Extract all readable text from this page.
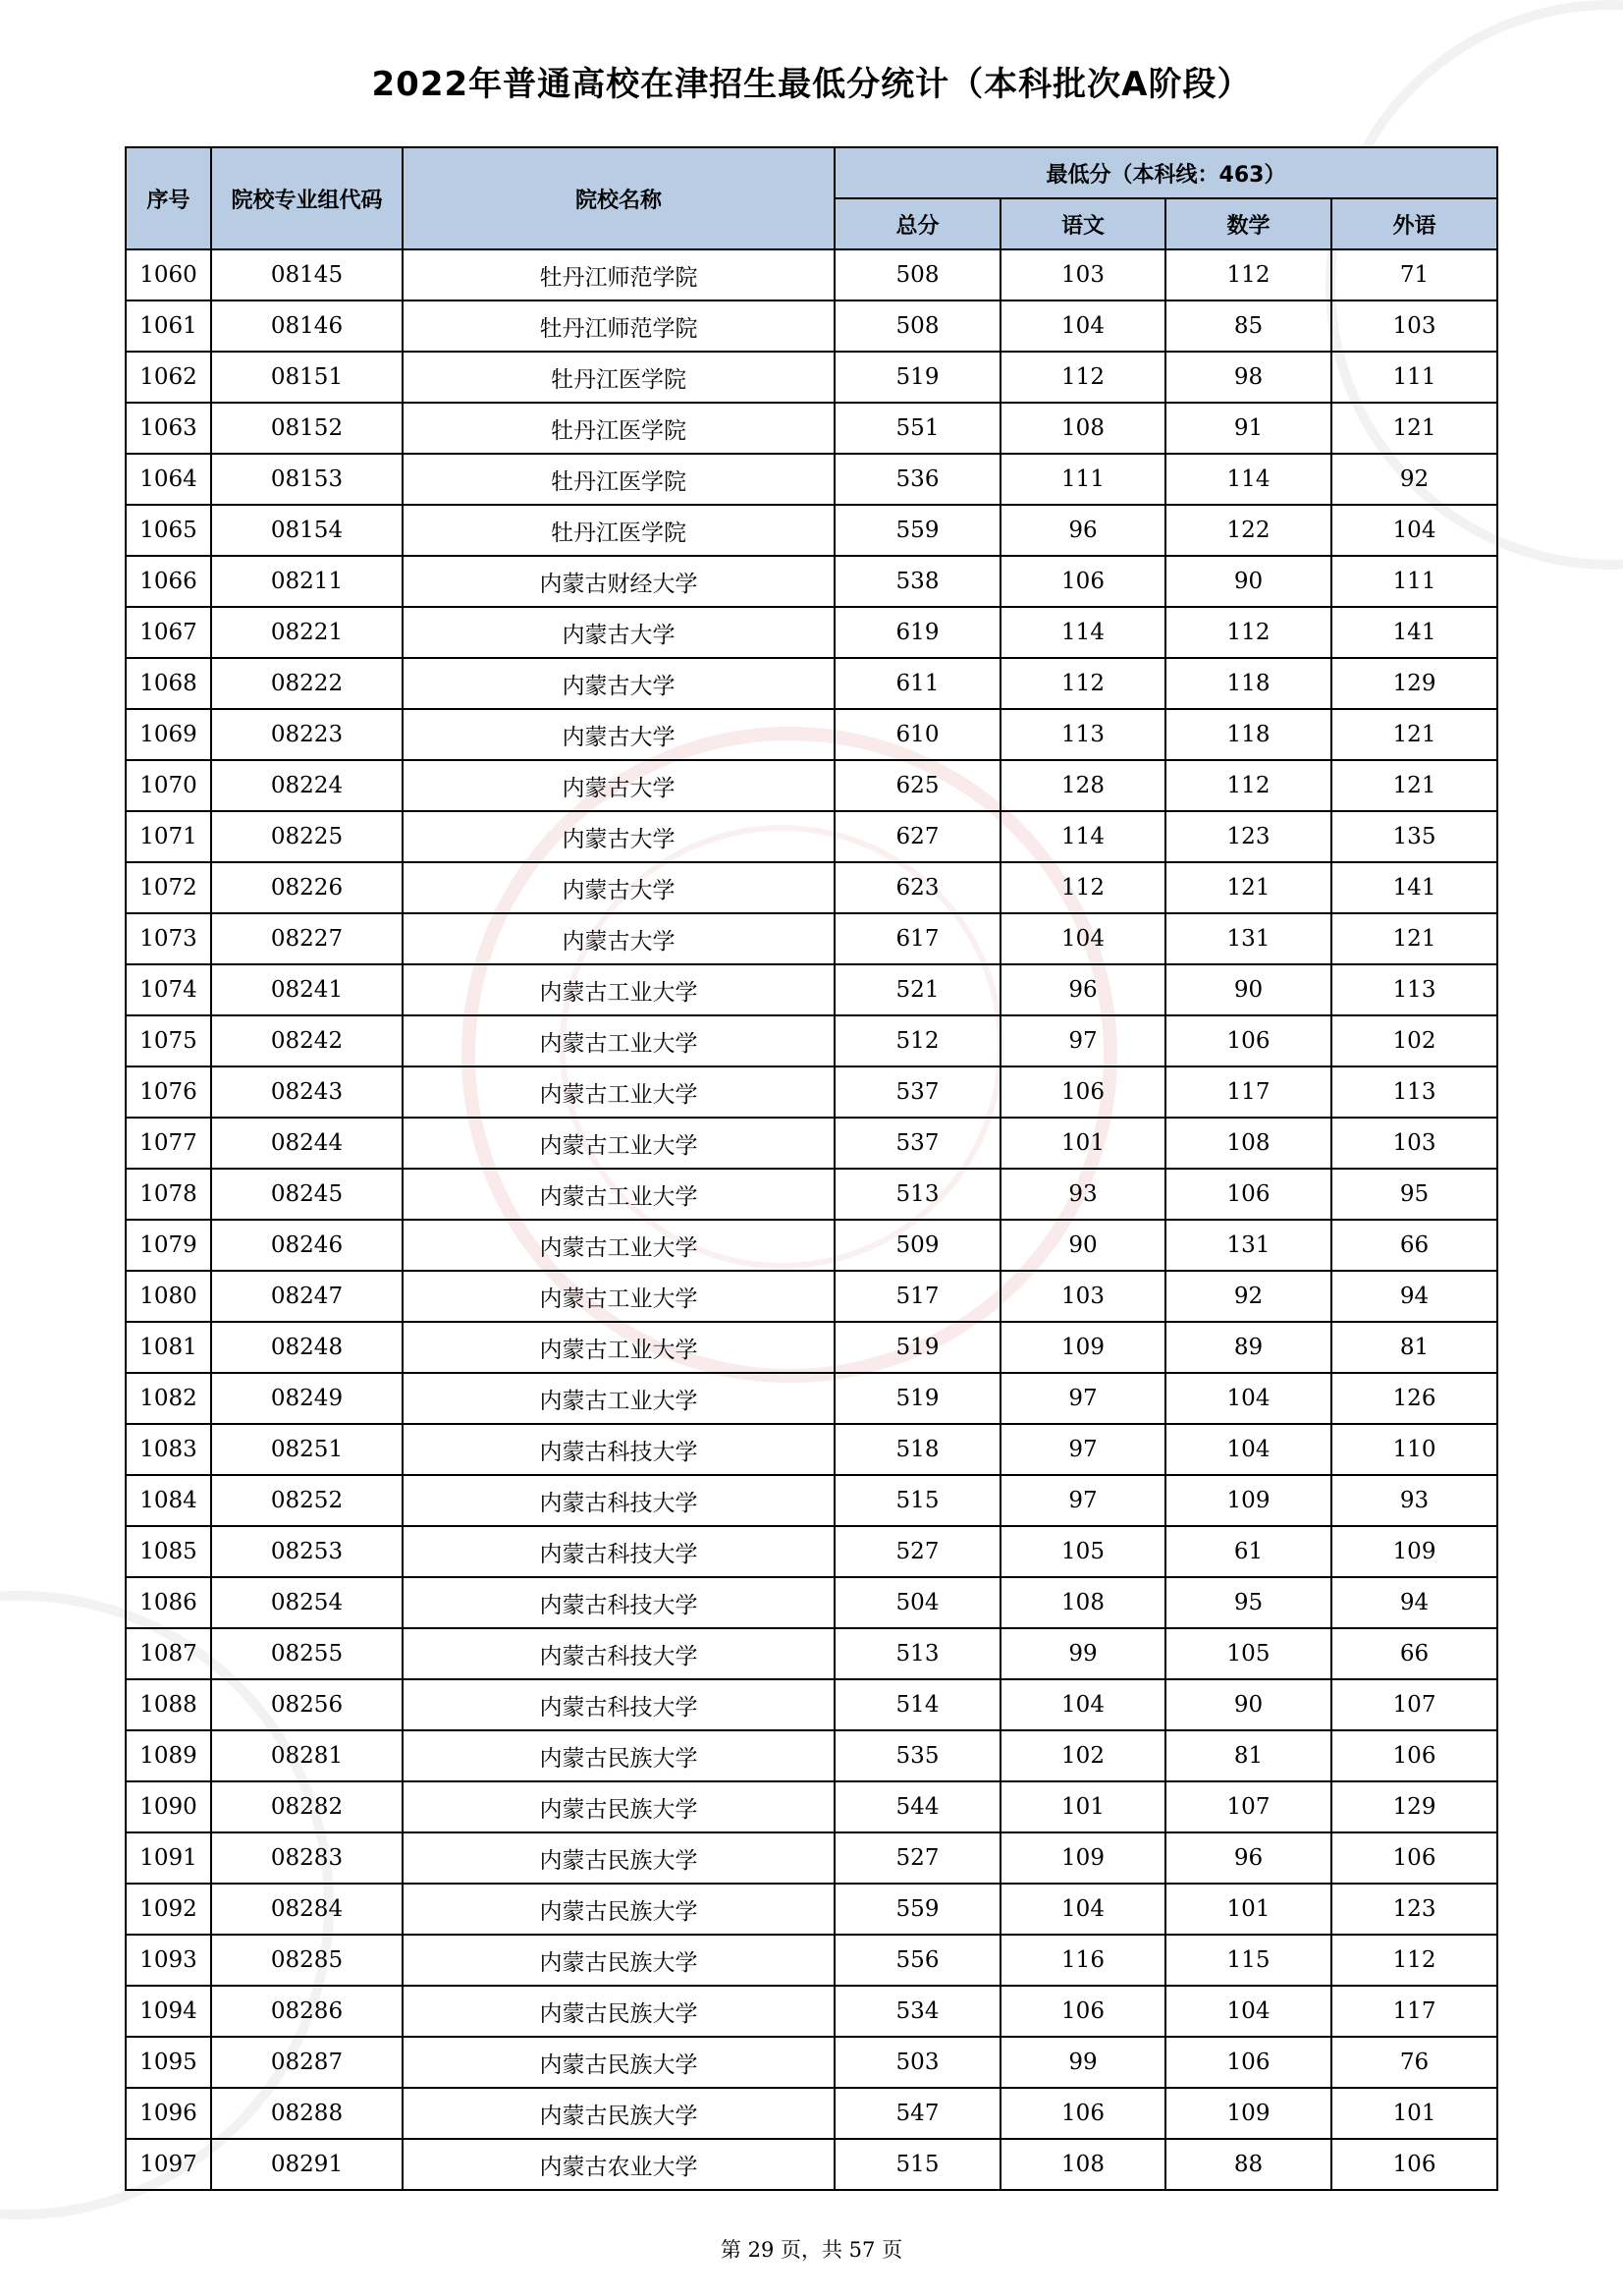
2022年普通高校在津招生最低分统计（本科批次A阶段）
序号	院校专业组代码	院校名称	最低分（本科线：463）			
			总分	语文	数学	外语
1060	08145	牡丹江师范学院	508	103	112	71
1061	08146	牡丹江师范学院	508	104	85	103
1062	08151	牡丹江医学院	519	112	98	111
1063	08152	牡丹江医学院	551	108	91	121
1064	08153	牡丹江医学院	536	111	114	92
1065	08154	牡丹江医学院	559	96	122	104
1066	08211	内蒙古财经大学	538	106	90	111
1067	08221	内蒙古大学	619	114	112	141
1068	08222	内蒙古大学	611	112	118	129
1069	08223	内蒙古大学	610	113	118	121
1070	08224	内蒙古大学	625	128	112	121
1071	08225	内蒙古大学	627	114	123	135
1072	08226	内蒙古大学	623	112	121	141
1073	08227	内蒙古大学	617	104	131	121
1074	08241	内蒙古工业大学	521	96	90	113
1075	08242	内蒙古工业大学	512	97	106	102
1076	08243	内蒙古工业大学	537	106	117	113
1077	08244	内蒙古工业大学	537	101	108	103
1078	08245	内蒙古工业大学	513	93	106	95
1079	08246	内蒙古工业大学	509	90	131	66
1080	08247	内蒙古工业大学	517	103	92	94
1081	08248	内蒙古工业大学	519	109	89	81
1082	08249	内蒙古工业大学	519	97	104	126
1083	08251	内蒙古科技大学	518	97	104	110
1084	08252	内蒙古科技大学	515	97	109	93
1085	08253	内蒙古科技大学	527	105	61	109
1086	08254	内蒙古科技大学	504	108	95	94
1087	08255	内蒙古科技大学	513	99	105	66
1088	08256	内蒙古科技大学	514	104	90	107
1089	08281	内蒙古民族大学	535	102	81	106
1090	08282	内蒙古民族大学	544	101	107	129
1091	08283	内蒙古民族大学	527	109	96	106
1092	08284	内蒙古民族大学	559	104	101	123
1093	08285	内蒙古民族大学	556	116	115	112
1094	08286	内蒙古民族大学	534	106	104	117
1095	08287	内蒙古民族大学	503	99	106	76
1096	08288	内蒙古民族大学	547	106	109	101
1097	08291	内蒙古农业大学	515	108	88	106
第 29 页，共 57 页
